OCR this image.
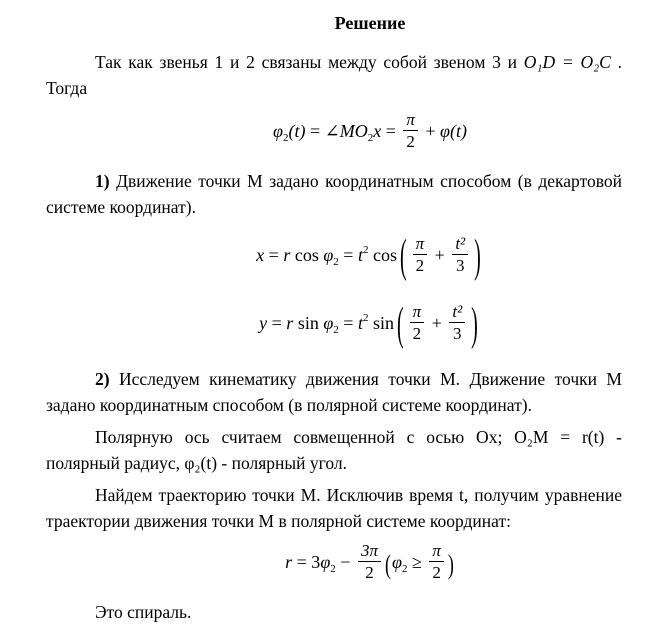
Решение

Так как звенья 1 и 2 связаны между собой звеном 3 и O₁D = O₂C . Тогда

$\varphi_2(t)$ = $\angle MO_2x = \frac{\pi}{2} + \varphi(t)$

1) Движение точки М задано координатным способом (в декартовой системе координат).

x = r $\cos \varphi_2 = t^2$ cos ( $\frac{\pi}{2} + \frac{\text{t²}}{3}$ )
y = r $\sin \varphi_2 = t^2$ sin ( $\frac{\pi}{2} + \frac{\text{t²}}{3}$ )

2) Исследуем кинематику движения точки М. Движение точки М задано координатным способом (в полярной системе координат).

Полярную ось считаем совмещенной с осью Ox; O₂M = r(t) - полярный радиус, φ₂(t) - полярный угол.

Найдем траекторию точки М. Исключив время t, получим уравнение траектории движения точки М в полярной системе координат:

$r = 3\varphi_2 - \frac{3\pi}{2} (\varphi_2 \ge \frac{\pi}{2}$ )

Это спираль.
